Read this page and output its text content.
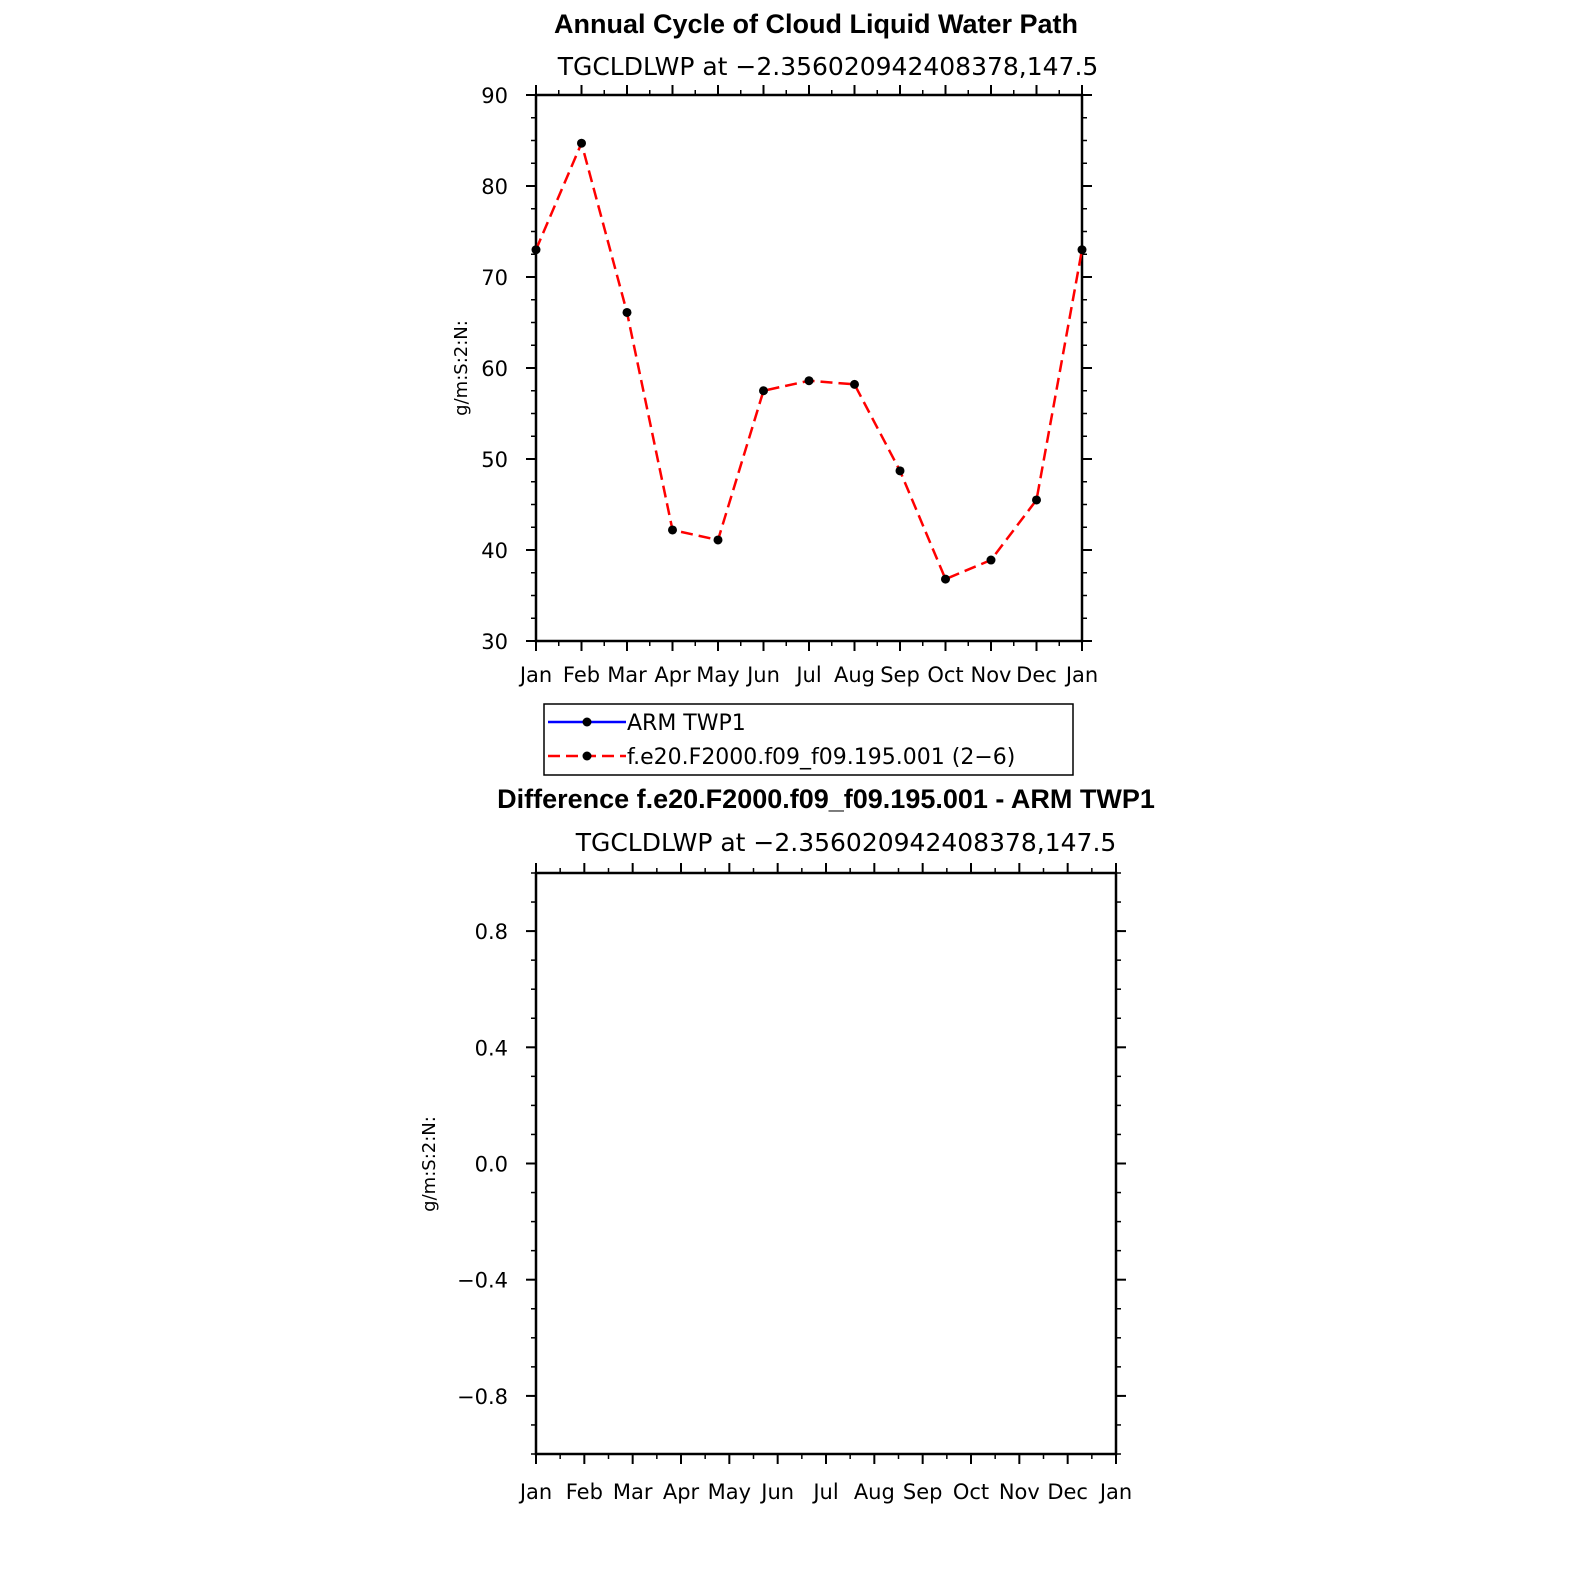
Annual Cycle of Cloud Liquid Water Path
TGCLDLWP at −2.356020942408378,147.5
g/m:S:2:N:
Jan Feb Mar Apr May Jun Jul Aug Sep Oct Nov Dec Jan
30
40
50
60
70
80
90
ARM TWP1
f.e20.F2000.f09_f09.195.001 (2−6)
Difference f.e20.F2000.f09_f09.195.001 - ARM TWP1
TGCLDLWP at −2.356020942408378,147.5
g/m:S:2:N:
Jan Feb Mar Apr May Jun Jul Aug Sep Oct Nov Dec Jan
−0.8
−0.4
0.0
0.4
0.8
